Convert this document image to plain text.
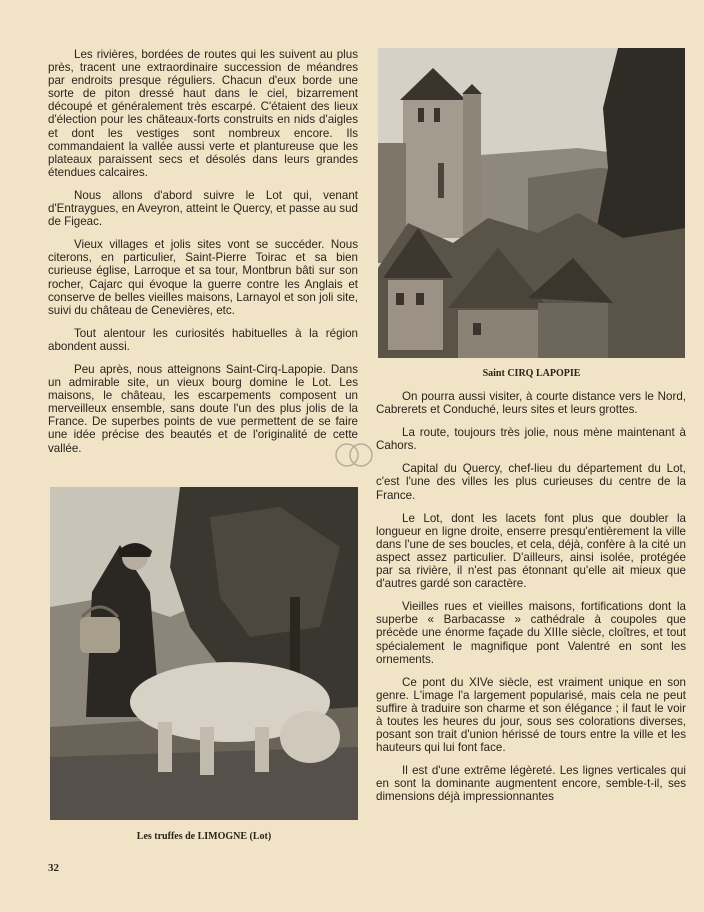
Les rivières, bordées de routes qui les suivent au plus près, tracent une extraordinaire succession de méandres par endroits presque réguliers. Chacun d'eux borde une sorte de piton dressé haut dans le ciel, bizarrement découpé et généralement très escarpé. C'étaient des lieux d'élection pour les châteaux-forts construits en nids d'aigles et dont les vestiges sont nombreux encore. Ils commandaient la vallée aussi verte et plantureuse que les plateaux paraissent secs et désolés dans leurs grandes étendues calcaires.

Nous allons d'abord suivre le Lot qui, venant d'Entraygues, en Aveyron, atteint le Quercy, et passe au sud de Figeac.

Vieux villages et jolis sites vont se succéder. Nous citerons, en particulier, Saint-Pierre Toirac et sa bien curieuse église, Larroque et sa tour, Montbrun bâti sur son rocher, Cajarc qui évoque la guerre contre les Anglais et conserve de belles vieilles maisons, Larnayol et son joli site, suivi du château de Cenevières, etc.

Tout alentour les curiosités habituelles à la région abondent aussi.

Peu après, nous atteignons Saint-Cirq-Lapopie. Dans un admirable site, un vieux bourg domine le Lot. Les maisons, le château, les escarpements composent un merveilleux ensemble, sans doute l'un des plus jolis de la France. De superbes points de vue permettent de se faire une idée précise des beautés et de l'originalité de cette vallée.

Saint CIRQ LAPOPIE

On pourra aussi visiter, à courte distance vers le Nord, Cabrerets et Conduché, leurs sites et leurs grottes.

La route, toujours très jolie, nous mène maintenant à Cahors.

Capital du Quercy, chef-lieu du département du Lot, c'est l'une des villes les plus curieuses du centre de la France.

Le Lot, dont les lacets font plus que doubler la longueur en ligne droite, enserre presqu'entièrement la ville dans l'une de ses boucles, et cela, déjà, confère à la cité un aspect assez particulier. D'ailleurs, ainsi isolée, protégée par sa rivière, il n'est pas étonnant qu'elle ait mieux que d'autres gardé son caractère.

Vieilles rues et vieilles maisons, fortifications dont la superbe « Barbacasse » cathédrale à coupoles que précède une énorme façade du XIIIe siècle, cloîtres, et tout spécialement le magnifique pont Valentré en sont les ornements.

Ce pont du XIVe siècle, est vraiment unique en son genre. L'image l'a largement popularisé, mais cela ne peut suffire à traduire son charme et son élégance ; il faut le voir à toutes les heures du jour, sous ses colorations diverses, posant son trait d'union hérissé de tours entre la ville et les hauteurs qui lui font face.

Il est d'une extrême légèreté. Les lignes verticales qui en sont la dominante augmentent encore, semble-t-il, ses dimensions déjà impressionnantes

Les truffes de LIMOGNE (Lot)
32
